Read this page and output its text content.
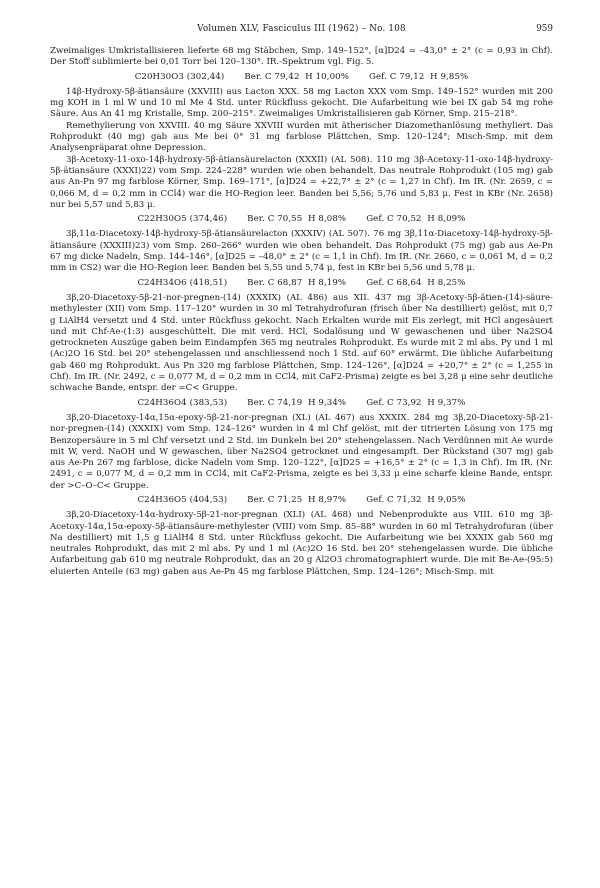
Volumen XLV, Fasciculus III (1962) – No. 108	959

Zweimaliges Umkristallisieren lieferte 68 mg Stäbchen, Smp. 149–152°, [α]D24 = –43,0° ± 2° (c = 0,93 in Chf). Der Stoff sublimierte bei 0,01 Torr bei 120–130°. IR.-Spektrum vgl. Fig. 5.

C20H30O3 (302,44) Ber. C 79,42  H 10,00% Gef. C 79,12  H 9,85%

14β-Hydroxy-5β-ätiansäure (XXVIII) aus Lacton XXX. 58 mg Lacton XXX vom Smp. 149–152° wurden mit 200 mg KOH in 1 ml W und 10 ml Me 4 Std. unter Rückfluss gekocht. Die Aufarbeitung wie bei IX gab 54 mg rohe Säure. Aus An 41 mg Kristalle, Smp. 200–215°. Zweimaliges Umkristallisieren gab Körner, Smp. 215–218°.

Remethylierung von XXVIII. 40 mg Säure XXVIII wurden mit ätherischer Diazomethanlösung methyliert. Das Rohprodukt (40 mg) gab aus Me bei 0° 31 mg farblose Plättchen, Smp. 120–124°; Misch-Smp. mit dem Analysenpräparat ohne Depression.

3β-Acetoxy-11-oxo-14β-hydroxy-5β-ätiansäurelacton (XXXII) (AL 508). 110 mg 3β-Acetoxy-11-oxo-14β-hydroxy-5β-ätiansäure (XXXI)22) vom Smp. 224–228° wurden wie oben behandelt. Das neutrale Rohprodukt (105 mg) gab aus An-Pn 97 mg farblose Körner, Smp. 169–171°, [α]D24 = +22,7° ± 2° (c = 1,27 in Chf). Im IR. (Nr. 2659, c = 0,066 M, d = 0,2 mm in CCl4) war die HO-Region leer. Banden bei 5,56; 5,76 und 5,83 μ. Fest in KBr (Nr. 2658) nur bei 5,57 und 5,83 μ.

C22H30O5 (374,46) Ber. C 70,55  H 8,08% Gef. C 70,52  H 8,09%

3β,11α-Diacetoxy-14β-hydroxy-5β-ätiansäurelacton (XXXIV) (AL 507). 76 mg 3β,11α-Diacetoxy-14β-hydroxy-5β-ätiansäure (XXXIII)23) vom Smp. 260–266° wurden wie oben behandelt. Das Rohprodukt (75 mg) gab aus Ae-Pn 67 mg dicke Nadeln, Smp. 144–146°, [α]D25 = –48,0° ± 2° (c = 1,1 in Chf). Im IR. (Nr. 2660, c = 0,061 M, d = 0,2 mm in CS2) war die HO-Region leer. Banden bei 5,55 und 5,74 μ, fest in KBr bei 5,56 und 5,78 μ.

C24H34O6 (418,51) Ber. C 68,87  H 8,19% Gef. C 68,64  H 8,25%

3β,20-Diacetoxy-5β-21-nor-pregnen-(14) (XXXIX) (AL 486) aus XII. 437 mg 3β-Acetoxy-5β-ätien-(14)-säure-methylester (XII) vom Smp. 117–120° wurden in 30 ml Tetrahydrofuran (frisch über Na destilliert) gelöst, mit 0,7 g LiAlH4 versetzt und 4 Std. unter Rückfluss gekocht. Nach Erkalten wurde mit Eis zerlegt, mit HCl angesäuert und mit Chf-Ae-(1:3) ausgeschüttelt. Die mit verd. HCl, Sodalösung und W gewaschenen und über Na2SO4 getrockneten Auszüge gaben beim Eindampfen 365 mg neutrales Rohprodukt. Es wurde mit 2 ml abs. Py und 1 ml (Ac)2O 16 Std. bei 20° stehengelassen und anschliessend noch 1 Std. auf 60° erwärmt. Die übliche Aufarbeitung gab 460 mg Rohprodukt. Aus Pn 320 mg farblose Plättchen, Smp. 124–126°, [α]D24 = +20,7° ± 2° (c = 1,255 in Chf). Im IR. (Nr. 2492, c = 0,077 M, d = 0,2 mm in CCl4, mit CaF2-Prisma) zeigte es bei 3,28 μ eine sehr deutliche schwache Bande, entspr. der =C< Gruppe.

C24H36O4 (383,53) Ber. C 74,19  H 9,34% Gef. C 73,92  H 9,37%

3β,20-Diacetoxy-14α,15α-epoxy-5β-21-nor-pregnan (XL) (AL 467) aus XXXIX. 284 mg 3β,20-Diacetoxy-5β-21-nor-pregnen-(14) (XXXIX) vom Smp. 124–126° wurden in 4 ml Chf gelöst, mit der titrierten Lösung von 175 mg Benzopersäure in 5 ml Chf versetzt und 2 Std. im Dunkeln bei 20° stehengelassen. Nach Verdünnen mit Ae wurde mit W, verd. NaOH und W gewaschen, über Na2SO4 getrocknet und eingesampft. Der Rückstand (307 mg) gab aus Ae-Pn 267 mg farblose, dicke Nadeln vom Smp. 120–122°, [α]D25 = +16,5° ± 2° (c = 1,3 in Chf). Im IR. (Nr. 2491, c = 0,077 M, d = 0,2 mm in CCl4, mit CaF2-Prisma, zeigte es bei 3,33 μ eine scharfe kleine Bande, entspr. der >C–O–C< Gruppe.

C24H36O5 (404,53) Ber. C 71,25  H 8,97% Gef. C 71,32  H 9,05%

3β,20-Diacetoxy-14α-hydroxy-5β-21-nor-pregnan (XLI) (AL 468) und Nebenprodukte aus VIII. 610 mg 3β-Acetoxy-14α,15α-epoxy-5β-ätiansäure-methylester (VIII) vom Smp. 85–88° wurden in 60 ml Tetrahydrofuran (über Na destilliert) mit 1,5 g LiAlH4 8 Std. unter Rückfluss gekocht. Die Aufarbeitung wie bei XXXIX gab 560 mg neutrales Rohprodukt, das mit 2 ml abs. Py und 1 ml (Ac)2O 16 Std. bei 20° stehengelassen wurde. Die übliche Aufarbeitung gab 610 mg neutrale Rohprodukt, das an 20 g Al2O3 chromatographiert wurde. Die mit Be-Ae-(95:5) eluierten Anteile (63 mg) gaben aus Ae-Pn 45 mg farblose Plättchen, Smp. 124–126°; Misch-Smp. mit
